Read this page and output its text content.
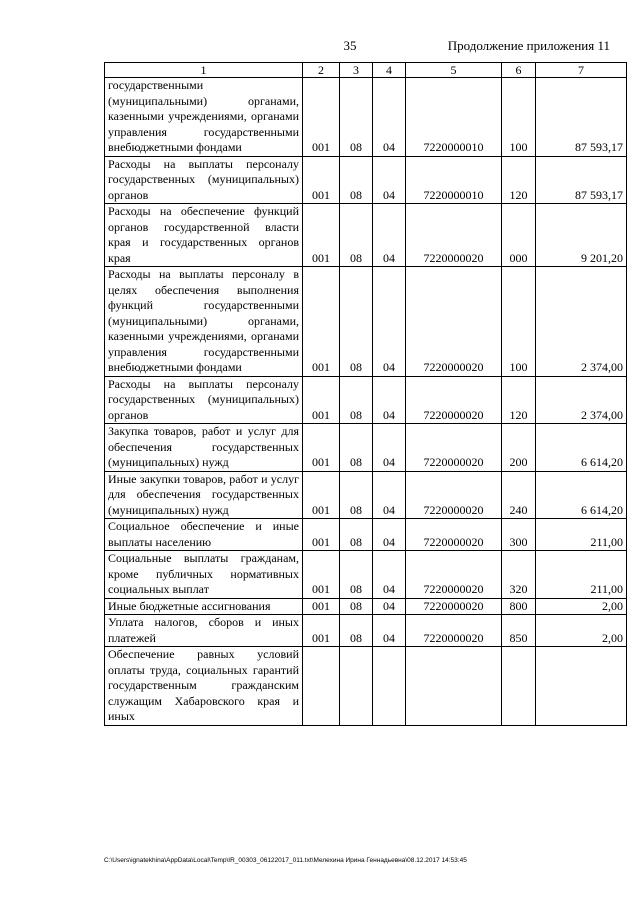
35	Продолжение приложения 11
1	2	3	4	5	6	7
государственными (муниципальными) органами, казенными учреждениями, органами управления государственными внебюджетными фондами	001	08	04	7220000010	100	87 593,17
Расходы на выплаты персоналу государственных (муниципальных) органов	001	08	04	7220000010	120	87 593,17
Расходы на обеспечение функций органов государственной власти края и государственных органов края	001	08	04	7220000020	000	9 201,20
Расходы на выплаты персоналу в целях обеспечения выполнения функций государственными (муниципальными) органами, казенными учреждениями, органами управления государственными внебюджетными фондами	001	08	04	7220000020	100	2 374,00
Расходы на выплаты персоналу государственных (муниципальных) органов	001	08	04	7220000020	120	2 374,00
Закупка товаров, работ и услуг для обеспечения государственных (муниципальных) нужд	001	08	04	7220000020	200	6 614,20
Иные закупки товаров, работ и услуг для обеспечения государственных (муниципальных) нужд	001	08	04	7220000020	240	6 614,20
Социальное обеспечение и иные выплаты населению	001	08	04	7220000020	300	211,00
Социальные выплаты гражданам, кроме публичных нормативных социальных выплат	001	08	04	7220000020	320	211,00
Иные бюджетные ассигнования	001	08	04	7220000020	800	2,00
Уплата налогов, сборов и иных платежей	001	08	04	7220000020	850	2,00
Обеспечение равных условий оплаты труда, социальных гарантий государственным гражданским служащим Хабаровского края и иных						
C:\Users\ignatekhina\AppData\Local\Temp\IR_00303_06122017_011.txt\Мелехина Ирина Геннадьевна\08.12.2017 14:53:45
